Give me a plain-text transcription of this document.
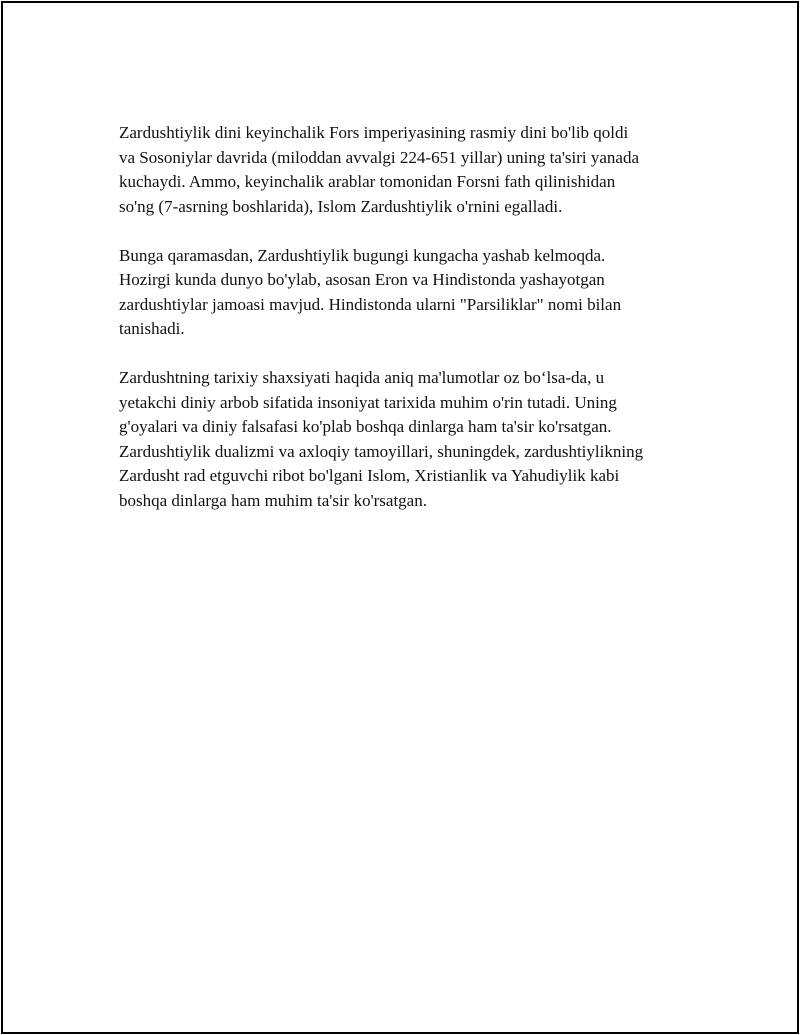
Zardushtiylik dini keyinchalik Fors imperiyasining rasmiy dini bo'lib qoldi
va Sosoniylar davrida (miloddan avvalgi 224-651 yillar) uning ta'siri yanada
kuchaydi. Ammo, keyinchalik arablar tomonidan Forsni fath qilinishidan
so'ng (7-asrning boshlarida), Islom Zardushtiylik o'rnini egalladi.

Bunga qaramasdan, Zardushtiylik bugungi kungacha yashab kelmoqda.
Hozirgi kunda dunyo bo'ylab, asosan Eron va Hindistonda yashayotgan
zardushtiylar jamoasi mavjud. Hindistonda ularni "Parsiliklar" nomi bilan
tanishadi.

Zardushtning tarixiy shaxsiyati haqida aniq ma'lumotlar oz bo‘lsa-da, u
yetakchi diniy arbob sifatida insoniyat tarixida muhim o'rin tutadi. Uning
g'oyalari va diniy falsafasi ko'plab boshqa dinlarga ham ta'sir ko'rsatgan.
Zardushtiylik dualizmi va axloqiy tamoyillari, shuningdek, zardushtiylikning
Zardusht rad etguvchi ribot bo'lgani Islom, Xristianlik va Yahudiylik kabi
boshqa dinlarga ham muhim ta'sir ko'rsatgan.
